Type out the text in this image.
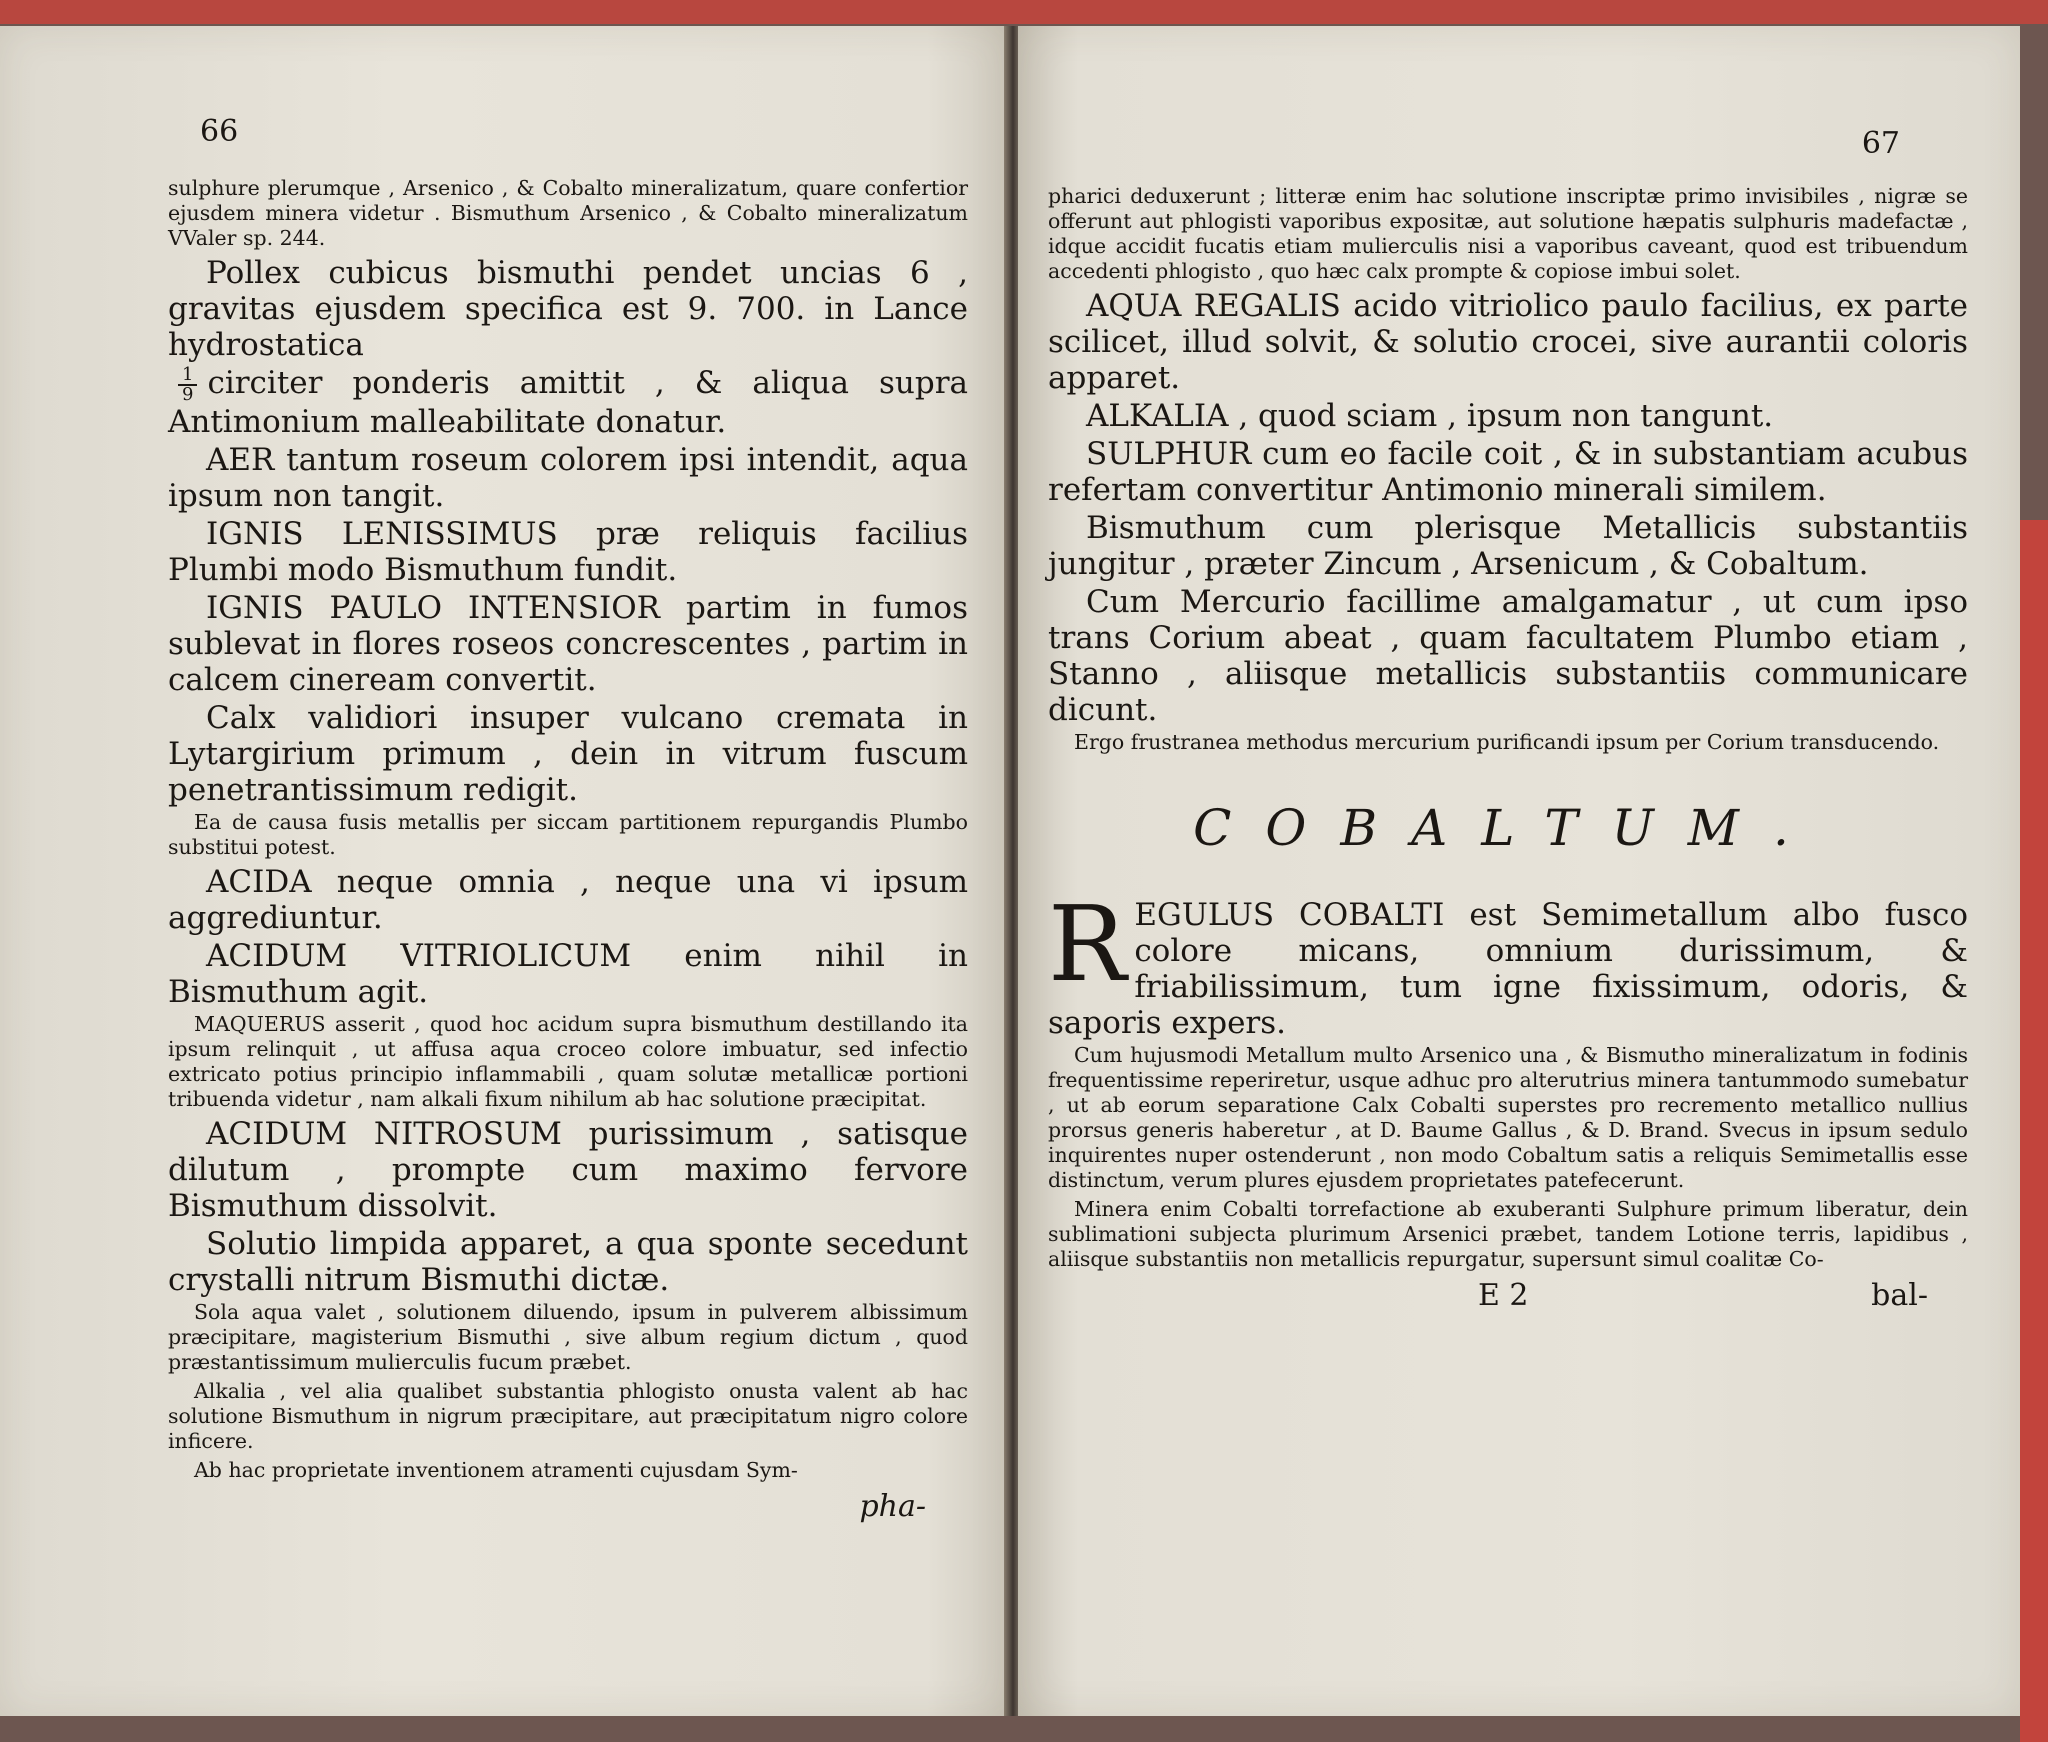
66

sulphure plerumque , Arsenico , & Cobalto mineralizatum, quare confertior ejusdem minera videtur . Bismuthum Arsenico , & Cobalto mineralizatum VValer sp. 244.

Pollex cubicus bismuthi pendet uncias 6 , gravitas ejusdem specifica est 9. 700. in Lance hydrostatica

$\frac{1}{9}$ circiter ponderis amittit , & aliqua supra Antimonium malleabilitate donatur.

AER tantum roseum colorem ipsi intendit, aqua ipsum non tangit.

IGNIS LENISSIMUS præ reliquis facilius Plumbi modo Bismuthum fundit.

IGNIS PAULO INTENSIOR partim in fumos sublevat in flores roseos concrescentes , partim in calcem cineream convertit.

Calx validiori insuper vulcano cremata in Lytargirium primum , dein in vitrum fuscum penetrantissimum redigit.

Ea de causa fusis metallis per siccam partitionem repurgandis Plumbo substitui potest.

ACIDA neque omnia , neque una vi ipsum aggrediuntur.

ACIDUM VITRIOLICUM enim nihil in Bismuthum agit.

MAQUERUS asserit , quod hoc acidum supra bismuthum destillando ita ipsum relinquit , ut affusa aqua croceo colore imbuatur, sed infectio extricato potius principio inflammabili , quam solutæ metallicæ portioni tribuenda videtur , nam alkali fixum nihilum ab hac solutione præcipitat.

ACIDUM NITROSUM purissimum , satisque dilutum , prompte cum maximo fervore Bismuthum dissolvit.

Solutio limpida apparet, a qua sponte secedunt crystalli nitrum Bismuthi dictæ.

Sola aqua valet , solutionem diluendo, ipsum in pulverem albissimum præcipitare, magisterium Bismuthi , sive album regium dictum , quod præstantissimum mulierculis fucum præbet.

Alkalia , vel alia qualibet substantia phlogisto onusta valent ab hac solutione Bismuthum in nigrum præcipitare, aut præcipitatum nigro colore inficere.

Ab hac proprietate inventionem atramenti cujusdam Sym-

pha-
67

pharici deduxerunt ; litteræ enim hac solutione inscriptæ primo invisibiles , nigræ se offerunt aut phlogisti vaporibus expositæ, aut solutione hæpatis sulphuris madefactæ , idque accidit fucatis etiam mulierculis nisi a vaporibus caveant, quod est tribuendum accedenti phlogisto , quo hæc calx prompte & copiose imbui solet.

AQUA REGALIS acido vitriolico paulo facilius, ex parte scilicet, illud solvit, & solutio crocei, sive aurantii coloris apparet.

ALKALIA , quod sciam , ipsum non tangunt.

SULPHUR cum eo facile coit , & in substantiam acubus refertam convertitur Antimonio minerali similem.

Bismuthum cum plerisque Metallicis substantiis jungitur , præter Zincum , Arsenicum , & Cobaltum.

Cum Mercurio facillime amalgamatur , ut cum ipso trans Corium abeat , quam facultatem Plumbo etiam , Stanno , aliisque metallicis substantiis communicare dicunt.

Ergo frustranea methodus mercurium purificandi ipsum per Corium transducendo.

COBALTUM.

REGULUS COBALTI est Semimetallum albo fusco colore micans, omnium durissimum, & friabilissimum, tum igne fixissimum, odoris, & saporis expers.

Cum hujusmodi Metallum multo Arsenico una , & Bismutho mineralizatum in fodinis frequentissime reperiretur, usque adhuc pro alterutrius minera tantummodo sumebatur , ut ab eorum separatione Calx Cobalti superstes pro recremento metallico nullius prorsus generis haberetur , at D. Baume Gallus , & D. Brand. Svecus in ipsum sedulo inquirentes nuper ostenderunt , non modo Cobaltum satis a reliquis Semimetallis esse distinctum, verum plures ejusdem proprietates patefecerunt.

Minera enim Cobalti torrefactione ab exuberanti Sulphure primum liberatur, dein sublimationi subjecta plurimum Arsenici præbet, tandem Lotione terris, lapidibus , aliisque substantiis non metallicis repurgatur, supersunt simul coalitæ Co-

E 2	bal-
